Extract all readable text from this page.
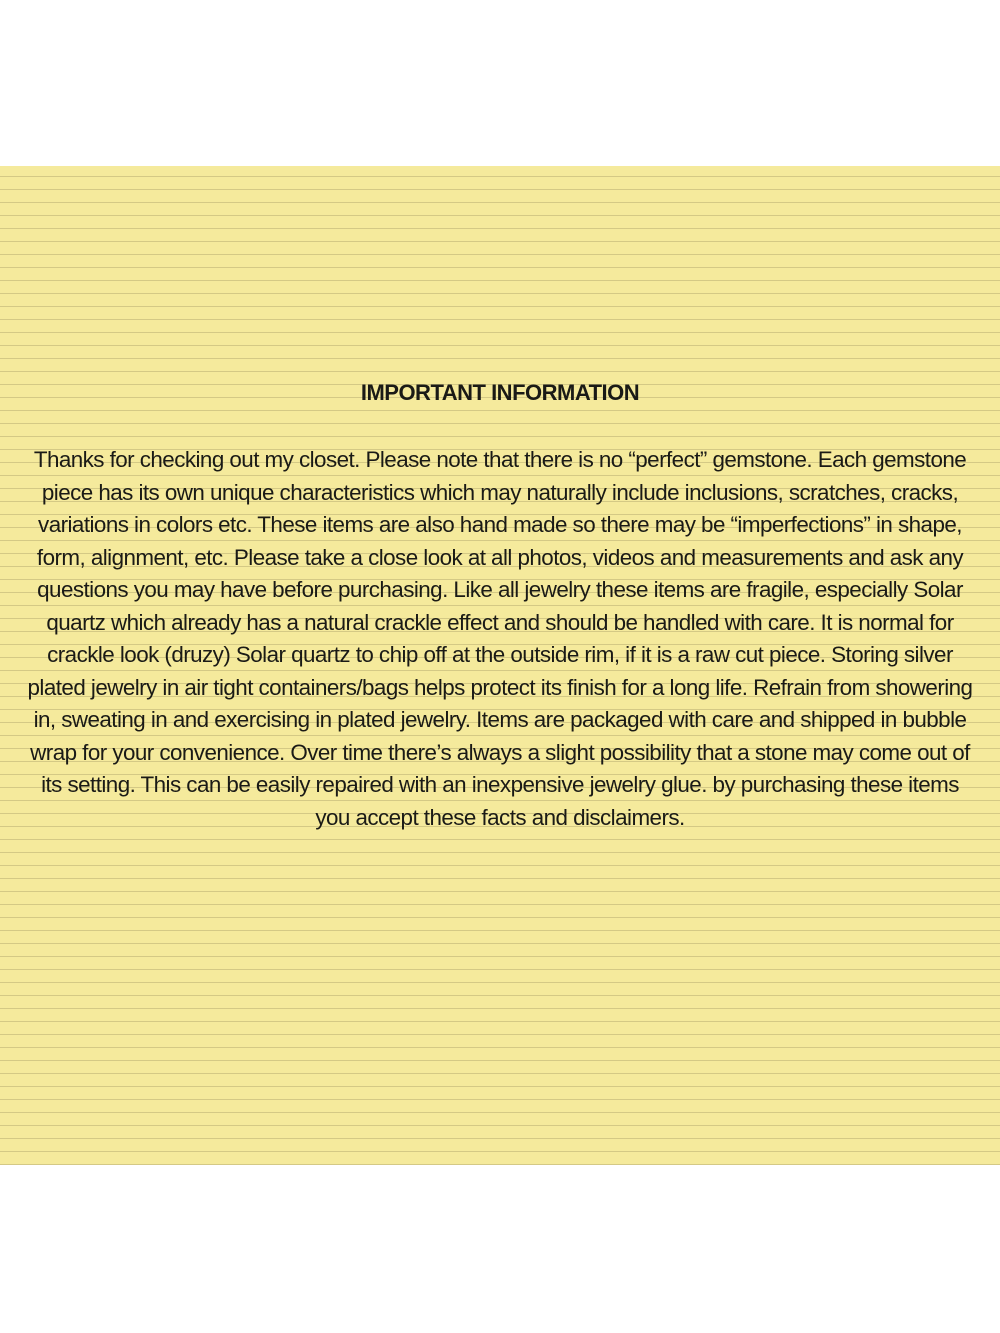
IMPORTANT INFORMATION

Thanks for checking out my closet. Please note that there is no “perfect” gemstone. Each gemstone piece has its own unique characteristics which may naturally include inclusions, scratches, cracks, variations in colors etc. These items are also hand made so there may be “imperfections” in shape, form, alignment, etc. Please take a close look at all photos, videos and measurements and ask any questions you may have before purchasing. Like all jewelry these items are fragile, especially Solar quartz which already has a natural crackle effect and should be handled with care. It is normal for crackle look (druzy) Solar quartz to chip off at the outside rim, if it is a raw cut piece. Storing silver plated jewelry in air tight containers/bags helps protect its finish for a long life. Refrain from showering in, sweating in and exercising in plated jewelry. Items are packaged with care and shipped in bubble wrap for your convenience. Over time there’s always a slight possibility that a stone may come out of its setting. This can be easily repaired with an inexpensive jewelry glue. by purchasing these items you accept these facts and disclaimers.
